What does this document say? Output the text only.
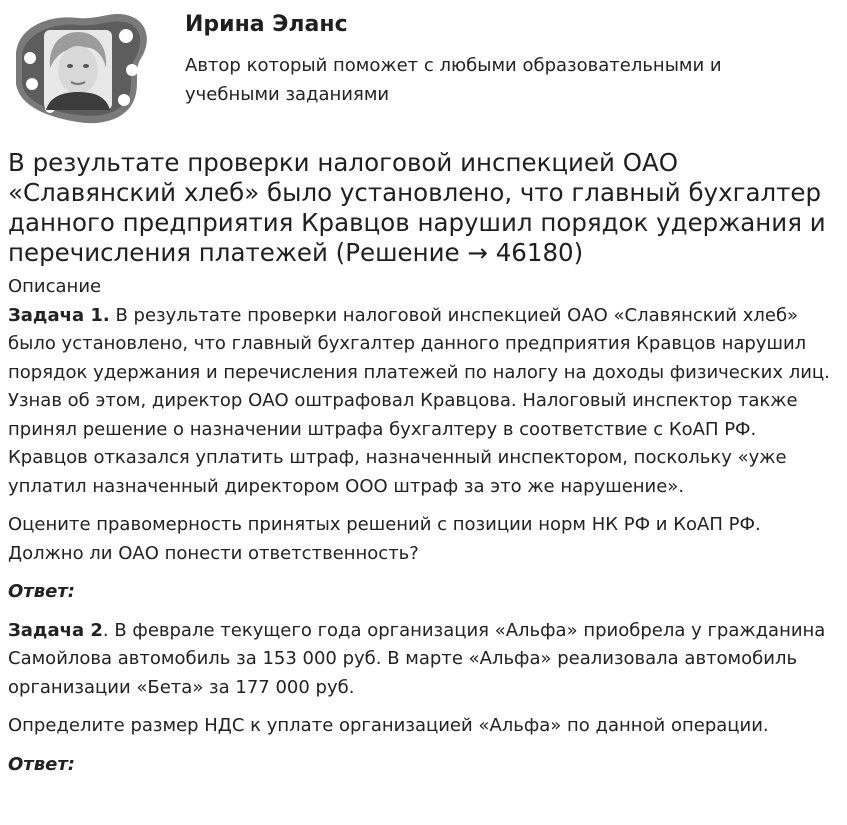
Ирина Эланс
Автор который поможет с любыми образовательными и учебными заданиями
В результате проверки налоговой инспекцией ОАО «Славянский хлеб» было установлено, что главный бухгалтер данного предприятия Кравцов нарушил порядок удержания и перечисления платежей (Решение → 46180)

Описание

Задача 1. В результате проверки налоговой инспекцией ОАО «Славянский хлеб» было установлено, что главный бухгалтер данного предприятия Кравцов нарушил порядок удержания и перечисления платежей по налогу на доходы физических лиц. Узнав об этом, директор ОАО оштрафовал Кравцова. Налоговый инспектор также принял решение о назначении штрафа бухгалтеру в соответствие с КоАП РФ. Кравцов отказался уплатить штраф, назначенный инспектором, поскольку «уже уплатил назначенный директором ООО штраф за это же нарушение».

Оцените правомерность принятых решений с позиции норм НК РФ и КоАП РФ. Должно ли ОАО понести ответственность?

Ответ:

Задача 2. В феврале текущего года организация «Альфа» приобрела у гражданина Самойлова автомобиль за 153 000 руб. В марте «Альфа» реализовала автомобиль организации «Бета» за 177 000 руб.

Определите размер НДС к уплате организацией «Альфа» по данной операции.

Ответ:
